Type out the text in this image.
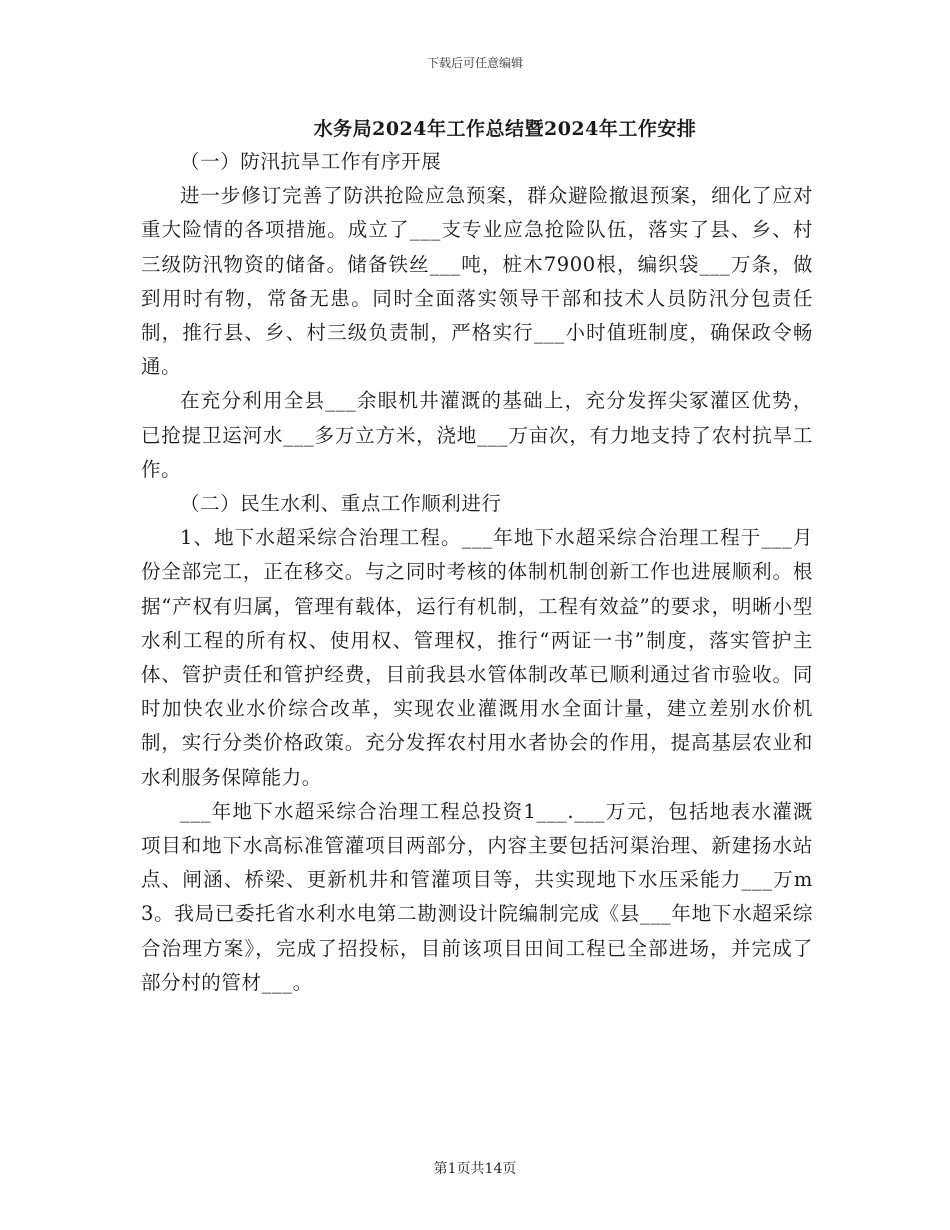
下载后可任意编辑
水务局2024年工作总结暨2024年工作安排

（一）防汛抗旱工作有序开展

进一步修订完善了防洪抢险应急预案，群众避险撤退预案，细化了应对重大险情的各项措施。成立了___支专业应急抢险队伍，落实了县、乡、村三级防汛物资的储备。储备铁丝___吨，桩木7900根，编织袋___万条，做到用时有物，常备无患。同时全面落实领导干部和技术人员防汛分包责任制，推行县、乡、村三级负责制，严格实行___小时值班制度，确保政令畅通。

在充分利用全县___余眼机井灌溉的基础上，充分发挥尖冢灌区优势，已抢提卫运河水___多万立方米，浇地___万亩次，有力地支持了农村抗旱工作。

（二）民生水利、重点工作顺利进行

1、地下水超采综合治理工程。___年地下水超采综合治理工程于___月份全部完工，正在移交。与之同时考核的体制机制创新工作也进展顺利。根据“产权有归属，管理有载体，运行有机制，工程有效益”的要求，明晰小型水利工程的所有权、使用权、管理权，推行“两证一书”制度，落实管护主体、管护责任和管护经费，目前我县水管体制改革已顺利通过省市验收。同时加快农业水价综合改革，实现农业灌溉用水全面计量，建立差别水价机制，实行分类价格政策。充分发挥农村用水者协会的作用，提高基层农业和水利服务保障能力。

___年地下水超采综合治理工程总投资1___.___万元，包括地表水灌溉项目和地下水高标准管灌项目两部分，内容主要包括河渠治理、新建扬水站点、闸涵、桥梁、更新机井和管灌项目等，共实现地下水压采能力___万m3。我局已委托省水利水电第二勘测设计院编制完成《县___年地下水超采综合治理方案》，完成了招投标，目前该项目田间工程已全部进场，并完成了部分村的管材___。

第1页共14页
